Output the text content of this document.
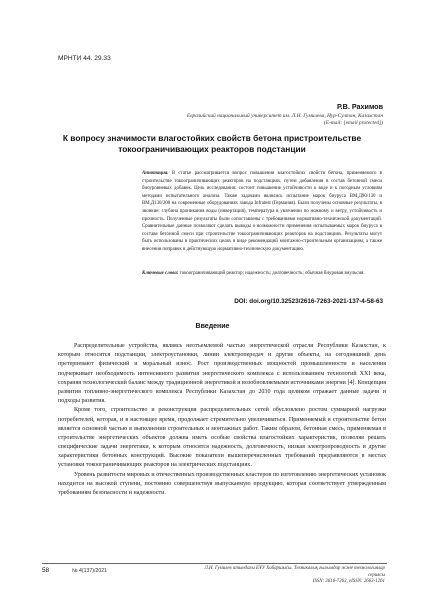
МРНТИ 44. 29.33
Р.В. Рахимов
Евразийский национальный университет им. Л.Н. Гумилева, Нур-Султан, Казахстан
(E-mail: [email protected])
К вопросу значимости влагостойких свойств бетона пристроительстве токоограничивающих реакторов подстанции
Аннотация. В статье рассматривается вопрос повышения влагостойких свойств бетона, применяемого в строительстве токоограничивающих реакторов на подстанциях, путем добавления в состав бетонной смеси биоуровневых добавок. Цель исследования: состоит повышение устойчивости к воде и к погодным условиям методами испытательного анализа. Также задачами являлись испытание марок биуруса ВМ,Д90/130 и ВМ,Д130/200 на современные оборудованиях завода Infratest (Германия). Были получены основные результаты, в звонкие: глубина проникания воды (инвертация), температура в увлечении по ножному и ветру, устойчивость и прочность. Полученные результаты были сопоставлены с требованиями нормативно-технической документаций. Сравнительные данные позволяют сделать выводы о возможности применения испытываемых марок биуруса в составе бетонной смеси при строительстве токоограничивающих реакторов на подстанциях. Результаты могут быть использованы в практических целях в виде рекомендаций монтажно-строительным организациям, а также внесения поправок в действующую нормативно-техническую документацию.
Ключевые слова: токоограничивающий реактор; надежность; долговечность; обычная биуровая эмульсия.
DOI: doi.org/10.32523/2616-7263-2021-137-4-58-63
Введение

Распределительные устройства, являясь неотъемлемой частью энергетической отрасли Республики Казахстан, к которым относятся подстанции, электроустановки, линии электропередач и другие объекты, на сегодняшний день претерпевают физический и моральный износ. Рост производственных мощностей промышленности и населения подчеркивает необходимость интенсивного развития энергетического комплекса с использованием технологий XXI века, сохраняя технологический баланс между традиционной энергетикой и возобновляемыми источниками энергии [4]. Концепция развития топливно-энергетического комплекса Республики Казахстан до 2030 года целиком отражает данные задачи и подходы развития.

Кроме того, строительство и реконструкция распределительных сетей обусловлено ростом суммарной нагрузки потребителей, которая, и в настоящее время, продолжает стремительно увеличиваться. Применяемый в строительстве бетон является основной частью в выполнении строительных и монтажных работ. Таким образом, бетонная смесь, применяемая в строительстве энергетических объектов должна иметь особые свойства влагостойких характеристик, позволяя решать специфические задачи энергетики, к которым относятся надежность, долговечность, низкая электропроводность и другие характеристики бетонных конструкций. Высокие показатели вышеперечисленных требований предъявляются в местах установки токоограничивающих реакторов на электрических подстанциях.

Уровень развитости мировых и отечественных производственных кластеров по изготовлению энергетических установок находится на высокой ступени, постоянно совершенствуя выпускаемую продукцию, которая соответствует утвержденным требованиям безопасности и надежности.

58	№ 4(137)/2021	Л.Н. Гумилев атындағы ЕҰУ Хабаршысы. Техникалық ғылымдар және технологиялар сериясы
ISSN: 2616-7263, eISSN: 2663-1261
